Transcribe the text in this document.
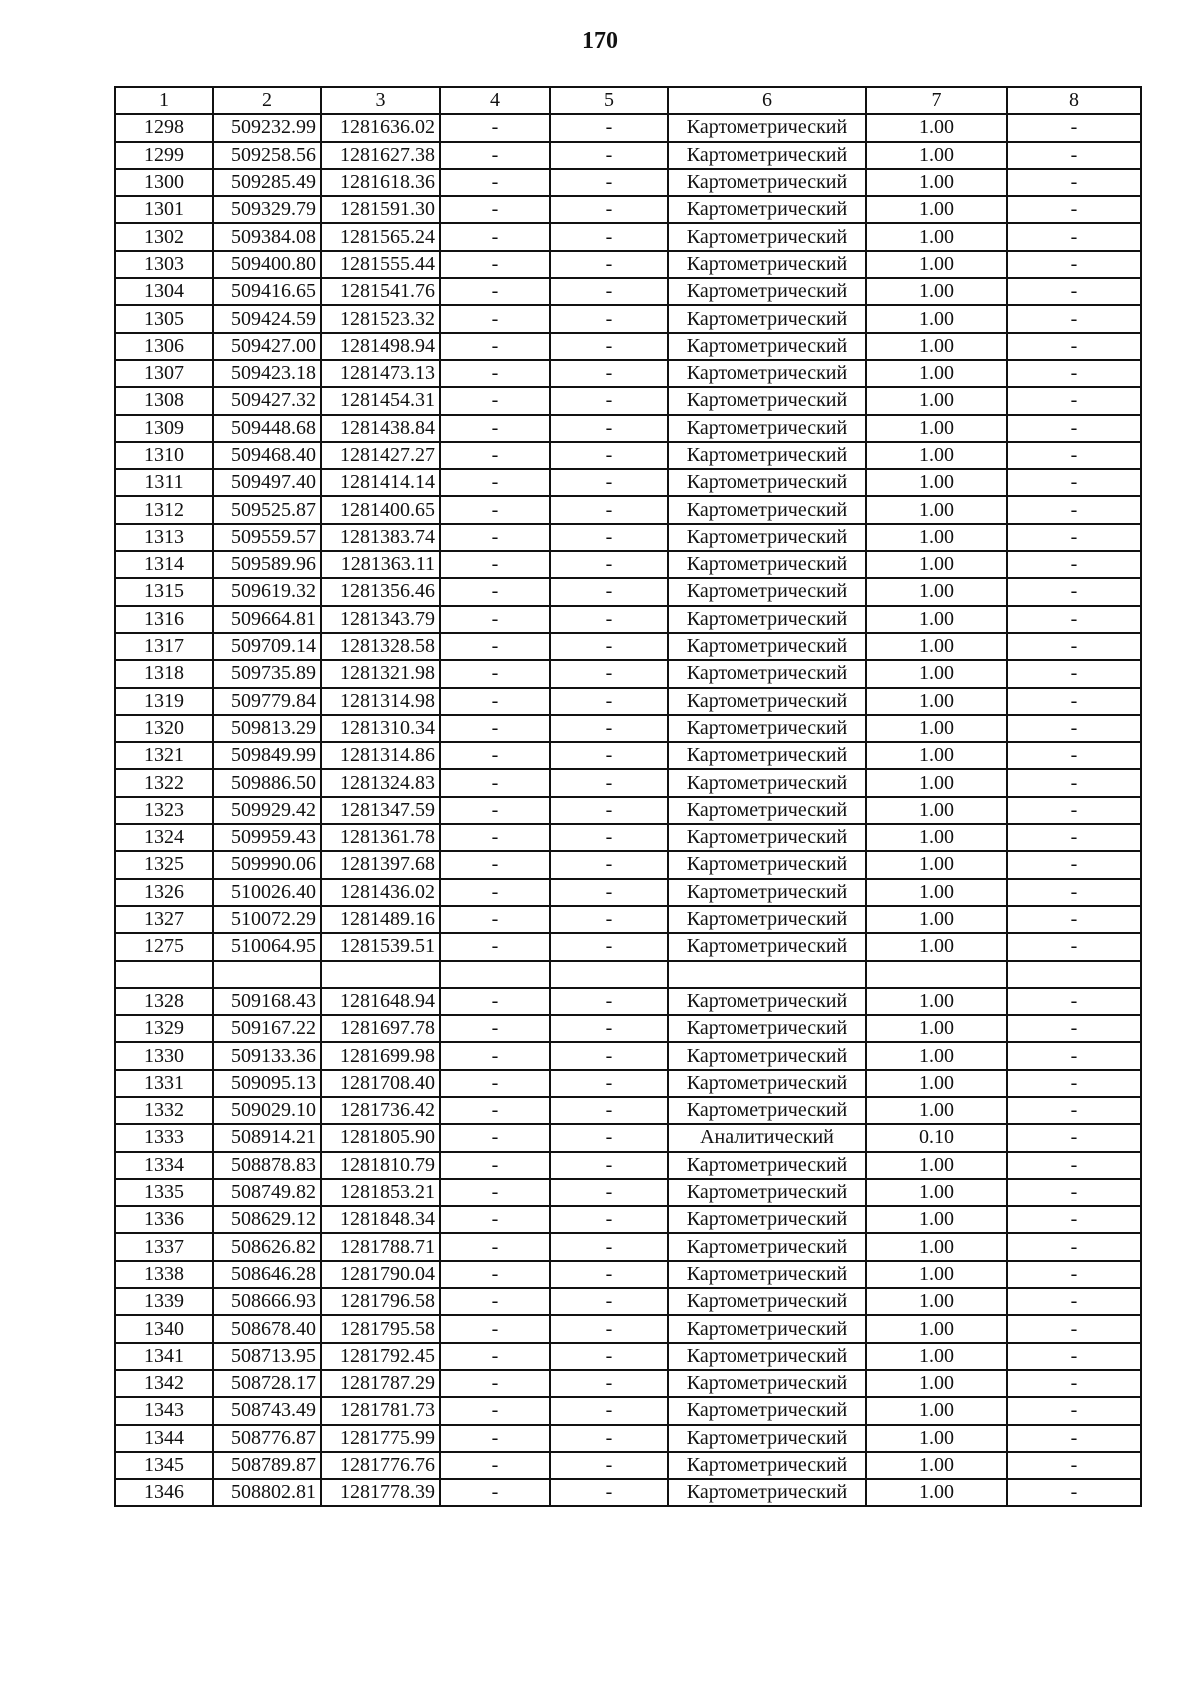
170
1	2	3	4	5	6	7	8
1298	509232.99	1281636.02	-	-	Картометрический	1.00	-
1299	509258.56	1281627.38	-	-	Картометрический	1.00	-
1300	509285.49	1281618.36	-	-	Картометрический	1.00	-
1301	509329.79	1281591.30	-	-	Картометрический	1.00	-
1302	509384.08	1281565.24	-	-	Картометрический	1.00	-
1303	509400.80	1281555.44	-	-	Картометрический	1.00	-
1304	509416.65	1281541.76	-	-	Картометрический	1.00	-
1305	509424.59	1281523.32	-	-	Картометрический	1.00	-
1306	509427.00	1281498.94	-	-	Картометрический	1.00	-
1307	509423.18	1281473.13	-	-	Картометрический	1.00	-
1308	509427.32	1281454.31	-	-	Картометрический	1.00	-
1309	509448.68	1281438.84	-	-	Картометрический	1.00	-
1310	509468.40	1281427.27	-	-	Картометрический	1.00	-
1311	509497.40	1281414.14	-	-	Картометрический	1.00	-
1312	509525.87	1281400.65	-	-	Картометрический	1.00	-
1313	509559.57	1281383.74	-	-	Картометрический	1.00	-
1314	509589.96	1281363.11	-	-	Картометрический	1.00	-
1315	509619.32	1281356.46	-	-	Картометрический	1.00	-
1316	509664.81	1281343.79	-	-	Картометрический	1.00	-
1317	509709.14	1281328.58	-	-	Картометрический	1.00	-
1318	509735.89	1281321.98	-	-	Картометрический	1.00	-
1319	509779.84	1281314.98	-	-	Картометрический	1.00	-
1320	509813.29	1281310.34	-	-	Картометрический	1.00	-
1321	509849.99	1281314.86	-	-	Картометрический	1.00	-
1322	509886.50	1281324.83	-	-	Картометрический	1.00	-
1323	509929.42	1281347.59	-	-	Картометрический	1.00	-
1324	509959.43	1281361.78	-	-	Картометрический	1.00	-
1325	509990.06	1281397.68	-	-	Картометрический	1.00	-
1326	510026.40	1281436.02	-	-	Картометрический	1.00	-
1327	510072.29	1281489.16	-	-	Картометрический	1.00	-
1275	510064.95	1281539.51	-	-	Картометрический	1.00	-

1328	509168.43	1281648.94	-	-	Картометрический	1.00	-
1329	509167.22	1281697.78	-	-	Картометрический	1.00	-
1330	509133.36	1281699.98	-	-	Картометрический	1.00	-
1331	509095.13	1281708.40	-	-	Картометрический	1.00	-
1332	509029.10	1281736.42	-	-	Картометрический	1.00	-
1333	508914.21	1281805.90	-	-	Аналитический	0.10	-
1334	508878.83	1281810.79	-	-	Картометрический	1.00	-
1335	508749.82	1281853.21	-	-	Картометрический	1.00	-
1336	508629.12	1281848.34	-	-	Картометрический	1.00	-
1337	508626.82	1281788.71	-	-	Картометрический	1.00	-
1338	508646.28	1281790.04	-	-	Картометрический	1.00	-
1339	508666.93	1281796.58	-	-	Картометрический	1.00	-
1340	508678.40	1281795.58	-	-	Картометрический	1.00	-
1341	508713.95	1281792.45	-	-	Картометрический	1.00	-
1342	508728.17	1281787.29	-	-	Картометрический	1.00	-
1343	508743.49	1281781.73	-	-	Картометрический	1.00	-
1344	508776.87	1281775.99	-	-	Картометрический	1.00	-
1345	508789.87	1281776.76	-	-	Картометрический	1.00	-
1346	508802.81	1281778.39	-	-	Картометрический	1.00	-
